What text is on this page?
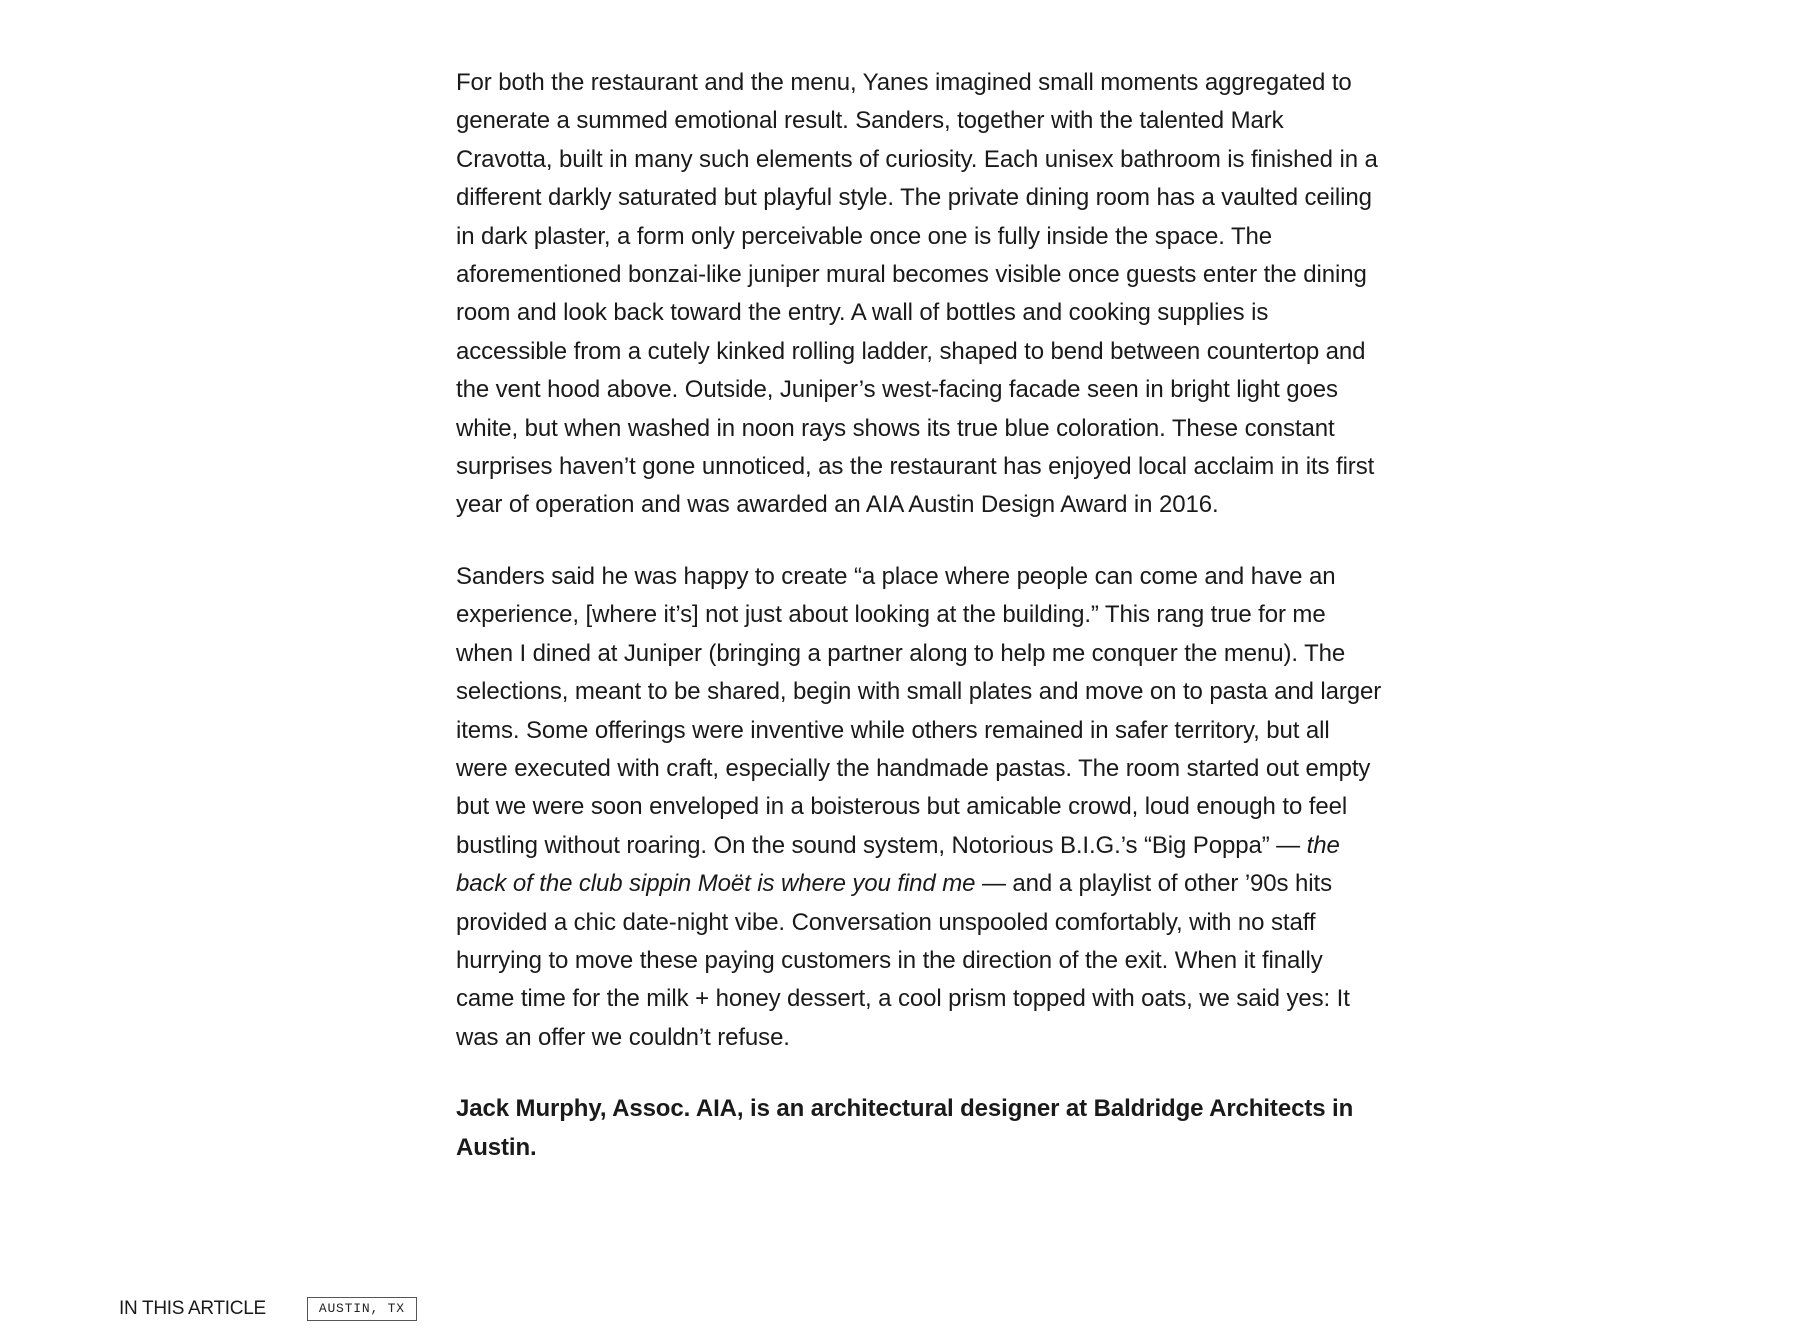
For both the restaurant and the menu, Yanes imagined small moments aggregated to generate a summed emotional result. Sanders, together with the talented Mark Cravotta, built in many such elements of curiosity. Each unisex bathroom is finished in a different darkly saturated but playful style. The private dining room has a vaulted ceiling in dark plaster, a form only perceivable once one is fully inside the space. The aforementioned bonzai-like juniper mural becomes visible once guests enter the dining room and look back toward the entry. A wall of bottles and cooking supplies is accessible from a cutely kinked rolling ladder, shaped to bend between countertop and the vent hood above. Outside, Juniper’s west-facing facade seen in bright light goes white, but when washed in noon rays shows its true blue coloration. These constant surprises haven’t gone unnoticed, as the restaurant has enjoyed local acclaim in its first year of operation and was awarded an AIA Austin Design Award in 2016.

Sanders said he was happy to create “a place where people can come and have an experience, [where it’s] not just about looking at the building.” This rang true for me when I dined at Juniper (bringing a partner along to help me conquer the menu). The selections, meant to be shared, begin with small plates and move on to pasta and larger items. Some offerings were inventive while others remained in safer territory, but all were executed with craft, especially the handmade pastas. The room started out empty but we were soon enveloped in a boisterous but amicable crowd, loud enough to feel bustling without roaring. On the sound system, Notorious B.I.G.’s “Big Poppa” — the back of the club sippin Moët is where you find me — and a playlist of other ’90s hits provided a chic date-night vibe. Conversation unspooled comfortably, with no staff hurrying to move these paying customers in the direction of the exit. When it finally came time for the milk + honey dessert, a cool prism topped with oats, we said yes: It was an offer we couldn’t refuse.

Jack Murphy, Assoc. AIA, is an architectural designer at Baldridge Architects in Austin.

IN THIS ARTICLE	AUSTIN, TX
